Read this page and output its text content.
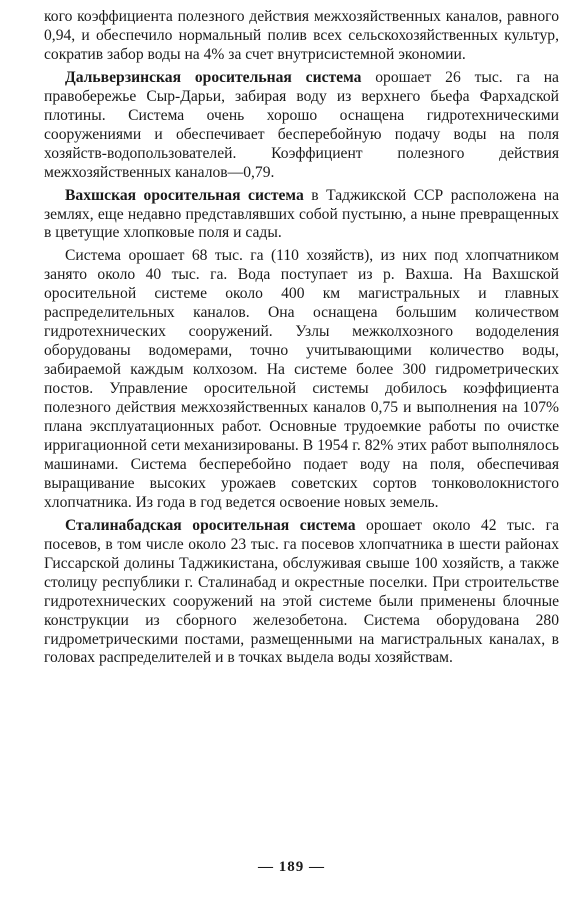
кого коэффициента полезного действия межхозяйственных каналов, равного 0,94, и обеспечило нормальный полив всех сельскохозяйственных культур, сократив забор воды на 4% за счет внутрисистемной экономии.

Дальверзинская оросительная система орошает 26 тыс. га на правобережье Сыр-Дарьи, забирая воду из верхнего бьефа Фархадской плотины. Система очень хорошо оснащена гидротехническими сооружениями и обеспечивает бесперебойную подачу воды на поля хозяйств-водопользователей. Коэффициент полезного действия межхозяйственных каналов—0,79.

Вахшская оросительная система в Таджикской ССР расположена на землях, еще недавно представлявших собой пустыню, а ныне превращенных в цветущие хлопковые поля и сады.

Система орошает 68 тыс. га (110 хозяйств), из них под хлопчатником занято около 40 тыс. га. Вода поступает из р. Вахша. На Вахшской оросительной системе около 400 км магистральных и главных распределительных каналов. Она оснащена большим количеством гидротехнических сооружений. Узлы межколхозного вододеления оборудованы водомерами, точно учитывающими количество воды, забираемой каждым колхозом. На системе более 300 гидрометрических постов. Управление оросительной системы добилось коэффициента полезного действия межхозяйственных каналов 0,75 и выполнения на 107% плана эксплуатационных работ. Основные трудоемкие работы по очистке ирригационной сети механизированы. В 1954 г. 82% этих работ выполнялось машинами. Система бесперебойно подает воду на поля, обеспечивая выращивание высоких урожаев советских сортов тонковолокнистого хлопчатника. Из года в год ведется освоение новых земель.

Сталинабадская оросительная система орошает около 42 тыс. га посевов, в том числе около 23 тыс. га посевов хлопчатника в шести районах Гиссарской долины Таджикистана, обслуживая свыше 100 хозяйств, а также столицу республики г. Сталинабад и окрестные поселки. При строительстве гидротехнических сооружений на этой системе были применены блочные конструкции из сборного железобетона. Система оборудована 280 гидрометрическими постами, размещенными на магистральных каналах, в головах распределителей и в точках выдела воды хозяйствам.

— 189 —
